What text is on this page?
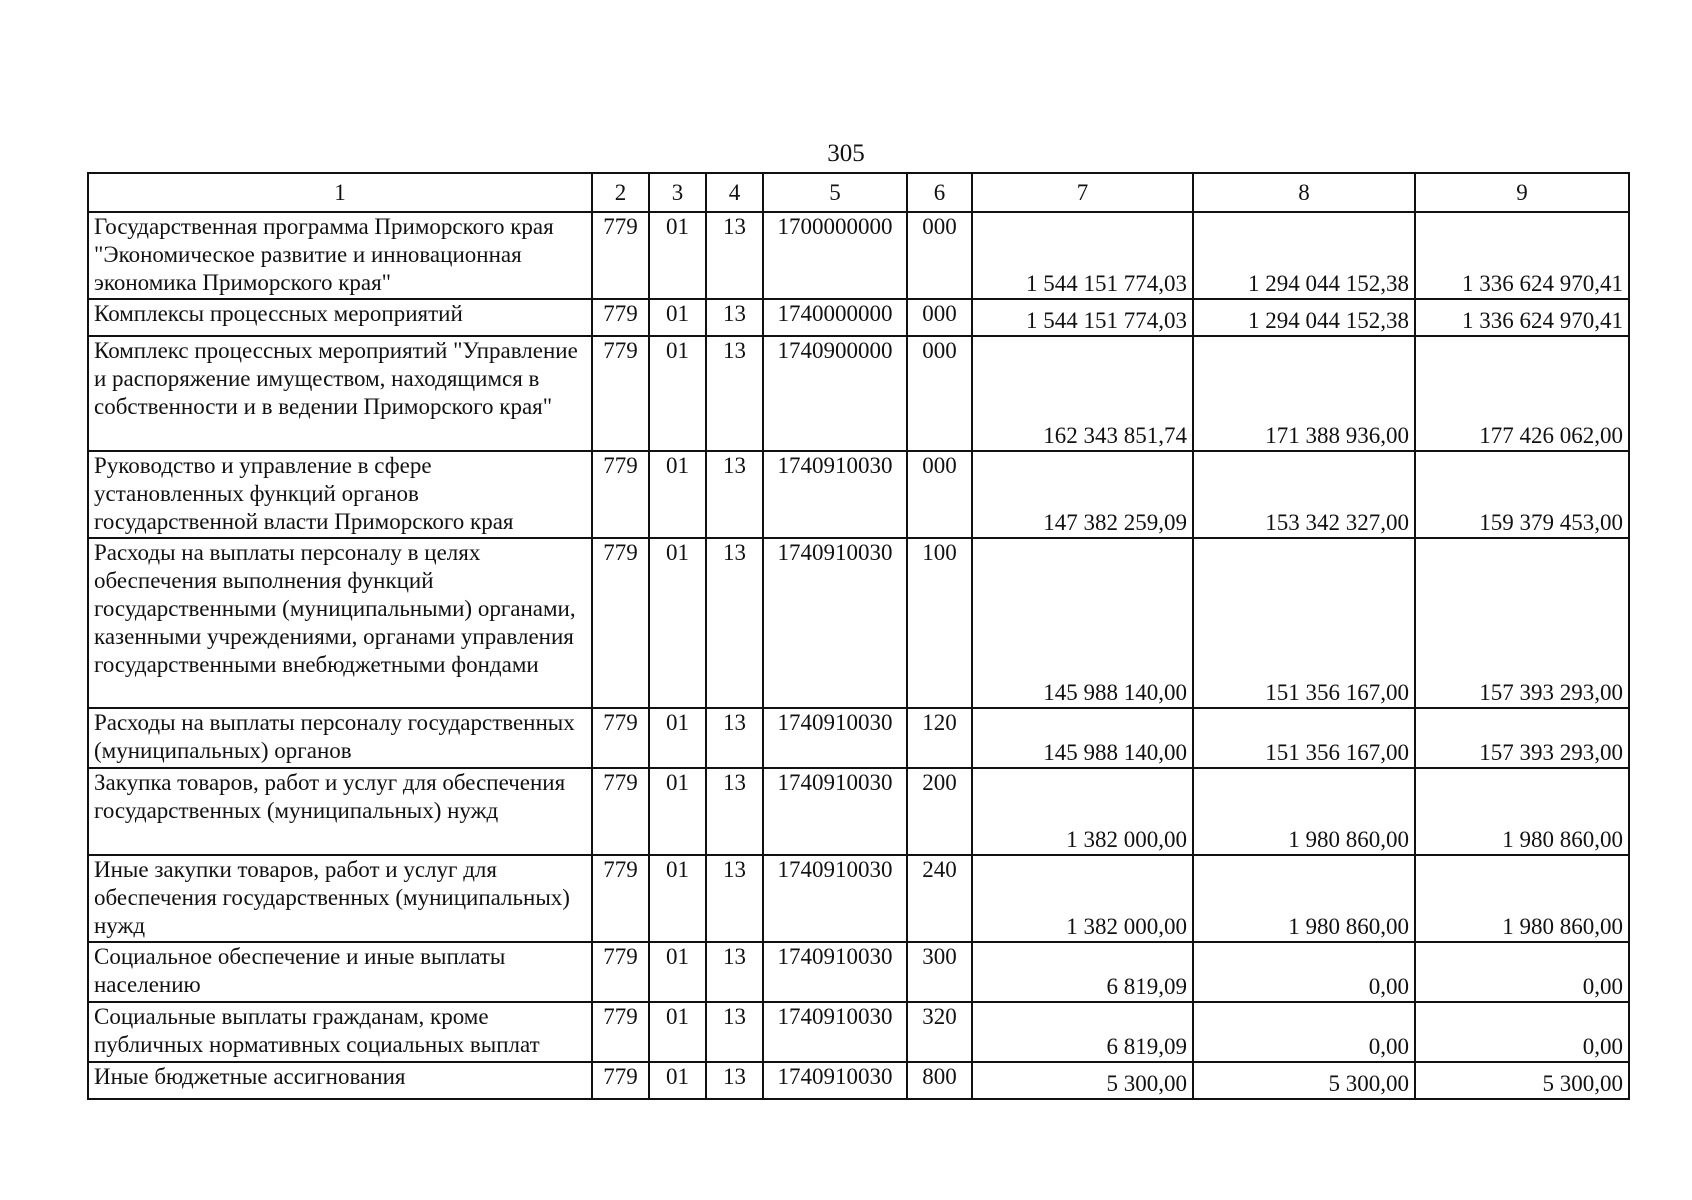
305
1	2	3	4	5	6	7	8	9
Государственная программа Приморского края "Экономическое развитие и инновационная экономика Приморского края"	779	01	13	1700000000	000	1 544 151 774,03	1 294 044 152,38	1 336 624 970,41
Комплексы процессных мероприятий	779	01	13	1740000000	000	1 544 151 774,03	1 294 044 152,38	1 336 624 970,41
Комплекс процессных мероприятий "Управление и распоряжение имуществом, находящимся в собственности и в ведении Приморского края"	779	01	13	1740900000	000	162 343 851,74	171 388 936,00	177 426 062,00
Руководство и управление в сфере установленных функций органов государственной власти Приморского края	779	01	13	1740910030	000	147 382 259,09	153 342 327,00	159 379 453,00
Расходы на выплаты персоналу в целях обеспечения выполнения функций государственными (муниципальными) органами, казенными учреждениями, органами управления государственными внебюджетными фондами	779	01	13	1740910030	100	145 988 140,00	151 356 167,00	157 393 293,00
Расходы на выплаты персоналу государственных (муниципальных) органов	779	01	13	1740910030	120	145 988 140,00	151 356 167,00	157 393 293,00
Закупка товаров, работ и услуг для обеспечения государственных (муниципальных) нужд	779	01	13	1740910030	200	1 382 000,00	1 980 860,00	1 980 860,00
Иные закупки товаров, работ и услуг для обеспечения государственных (муниципальных) нужд	779	01	13	1740910030	240	1 382 000,00	1 980 860,00	1 980 860,00
Социальное обеспечение и иные выплаты населению	779	01	13	1740910030	300	6 819,09	0,00	0,00
Социальные выплаты гражданам, кроме публичных нормативных социальных выплат	779	01	13	1740910030	320	6 819,09	0,00	0,00
Иные бюджетные ассигнования	779	01	13	1740910030	800	5 300,00	5 300,00	5 300,00
